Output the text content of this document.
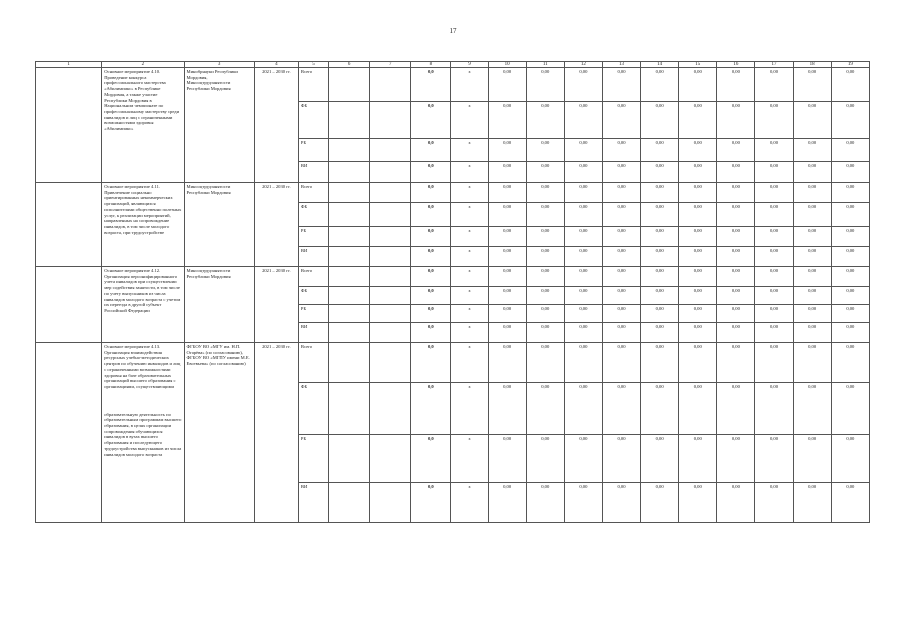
17
1	2	3	4	5	6	7	8	9	10	11	12	13	14	15	16	17	18	19
	Основное мероприятие 4.10. Проведение конкурса профессионального мастерства «Абилимпикс» в Республике Мордовия, а также участие Республики Мордовия в Национальном чемпионате по профессиональному мастерству среди инвалидов и лиц с ограниченными возможностями здоровья «Абилимпикс»	Минобрнауки Республики Мордовия, Минсоцтрудзанятости Республики Мордовия	2021 – 2030 гг.	Всего			0,0	x	0,00	0,00	0,00	0,00	0,00	0,00	0,00	0,00	0,00	0,00
				ФБ			0,0	x	0,00	0,00	0,00	0,00	0,00	0,00	0,00	0,00	0,00	0,00
				РБ			0,0	x	0,00	0,00	0,00	0,00	0,00	0,00	0,00	0,00	0,00	0,00
				ВИ			0,0	x	0,00	0,00	0,00	0,00	0,00	0,00	0,00	0,00	0,00	0,00
	Основное мероприятие 4.11. Привлечение социально ориентированных некоммерческих организаций, являющихся исполнителями общественно полезных услуг, к реализации мероприятий, направленных на сопровождение инвалидов, в том числе молодого возраста, при трудоустройстве	Минсоцтрудзанятости Республики Мордовия	2021 – 2030 гг.	Всего			0,0	x	0,00	0,00	0,00	0,00	0,00	0,00	0,00	0,00	0,00	0,00
				ФБ			0,0	x	0,00	0,00	0,00	0,00	0,00	0,00	0,00	0,00	0,00	0,00
				РБ			0,0	x	0,00	0,00	0,00	0,00	0,00	0,00	0,00	0,00	0,00	0,00
				ВИ			0,0	x	0,00	0,00	0,00	0,00	0,00	0,00	0,00	0,00	0,00	0,00
	Основное мероприятие 4.12. Организация персонифицированного учета инвалидов при осуществлении мер содействия занятости, в том числе по учету выпускников из числа инвалидов молодого возраста с учетом их переезда в другой субъект Российской Федерации	Минсоцтрудзанятости Республики Мордовия	2021 – 2030 гг.	Всего			0,0	x	0,00	0,00	0,00	0,00	0,00	0,00	0,00	0,00	0,00	0,00
				ФБ			0,0	x	0,00	0,00	0,00	0,00	0,00	0,00	0,00	0,00	0,00	0,00
				РБ			0,0	x	0,00	0,00	0,00	0,00	0,00	0,00	0,00	0,00	0,00	0,00
				ВИ			0,0	x	0,00	0,00	0,00	0,00	0,00	0,00	0,00	0,00	0,00	0,00

	Основное мероприятие 4.13. Организация взаимодействия ресурсных учебно-методических центров по обучению инвалидов и лиц с ограниченными возможностями здоровья на базе образовательных организаций высшего образования с организациями, осуществляющими
образовательную деятельность по образовательным программам высшего образования, в целях организации сопровождения обучающихся инвалидов в вузах высшего образования и последующего трудоустройства выпускников из числа инвалидов молодого возраста	ФГБОУ ВО «МГУ им. Н.П. Огарёва» (по согласованию), ФГБОУ ВО «МГПУ имени М.Е. Евсевьева» (по согласованию)	2021 – 2030 гг.	Всего			0,0	x	0,00	0,00	0,00	0,00	0,00	0,00	0,00	0,00	0,00	0,00
				ФБ			0,0	x	0,00	0,00	0,00	0,00	0,00	0,00	0,00	0,00	0,00	0,00
				РБ			0,0	x	0,00	0,00	0,00	0,00	0,00	0,00	0,00	0,00	0,00	0,00
				ВИ			0,0	x	0,00	0,00	0,00	0,00	0,00	0,00	0,00	0,00	0,00	0,00
